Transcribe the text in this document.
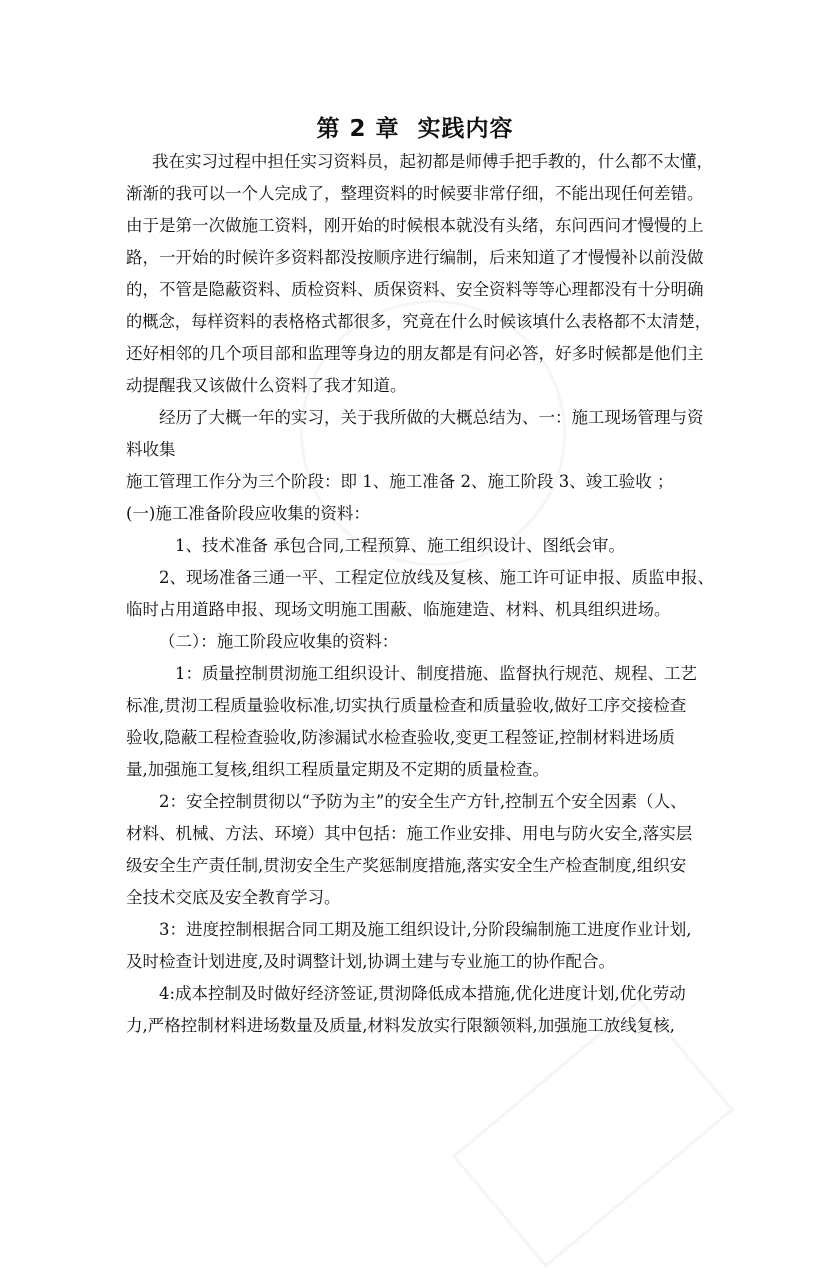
第 2 章  实践内容
我在实习过程中担任实习资料员，起初都是师傅手把手教的，什么都不太懂，
渐渐的我可以一个人完成了，整理资料的时候要非常仔细，不能出现任何差错。
由于是第一次做施工资料，刚开始的时候根本就没有头绪，东问西问才慢慢的上
路，一开始的时候许多资料都没按顺序进行编制，后来知道了才慢慢补以前没做
的，不管是隐蔽资料、质检资料、质保资料、安全资料等等心理都没有十分明确
的概念，每样资料的表格格式都很多，究竟在什么时候该填什么表格都不太清楚，
还好相邻的几个项目部和监理等身边的朋友都是有问必答，好多时候都是他们主
动提醒我又该做什么资料了我才知道。
经历了大概一年的实习，关于我所做的大概总结为、一：施工现场管理与资
料收集
施工管理工作分为三个阶段：即 1、施工准备 2、施工阶段 3、竣工验收 ；
(一)施工准备阶段应收集的资料：
1、技术准备 承包合同,工程预算、施工组织设计、图纸会审。
2、现场准备三通一平、工程定位放线及复核、施工许可证申报、质监申报、
临时占用道路申报、现场文明施工围蔽、临施建造、材料、机具组织进场。
（二）：施工阶段应收集的资料：
1：质量控制贯沏施工组织设计、制度措施、监督执行规范、规程、工艺
标准,贯沏工程质量验收标准,切实执行质量检查和质量验收,做好工序交接检查
验收,隐蔽工程检查验收,防渗漏试水检查验收,变更工程签证,控制材料进场质
量,加强施工复核,组织工程质量定期及不定期的质量检查。
2：安全控制贯彻以“予防为主”的安全生产方针,控制五个安全因素（人、
材料、机械、方法、环境）其中包括：施工作业安排、用电与防火安全,落实层
级安全生产责任制,贯沏安全生产奖惩制度措施,落实安全生产检查制度,组织安
全技术交底及安全教育学习。
3：进度控制根据合同工期及施工组织设计,分阶段编制施工进度作业计划,
及时检查计划进度,及时调整计划,协调土建与专业施工的协作配合。
4:成本控制及时做好经济签证,贯沏降低成本措施,优化进度计划,优化劳动
力,严格控制材料进场数量及质量,材料发放实行限额领料,加强施工放线复核,
